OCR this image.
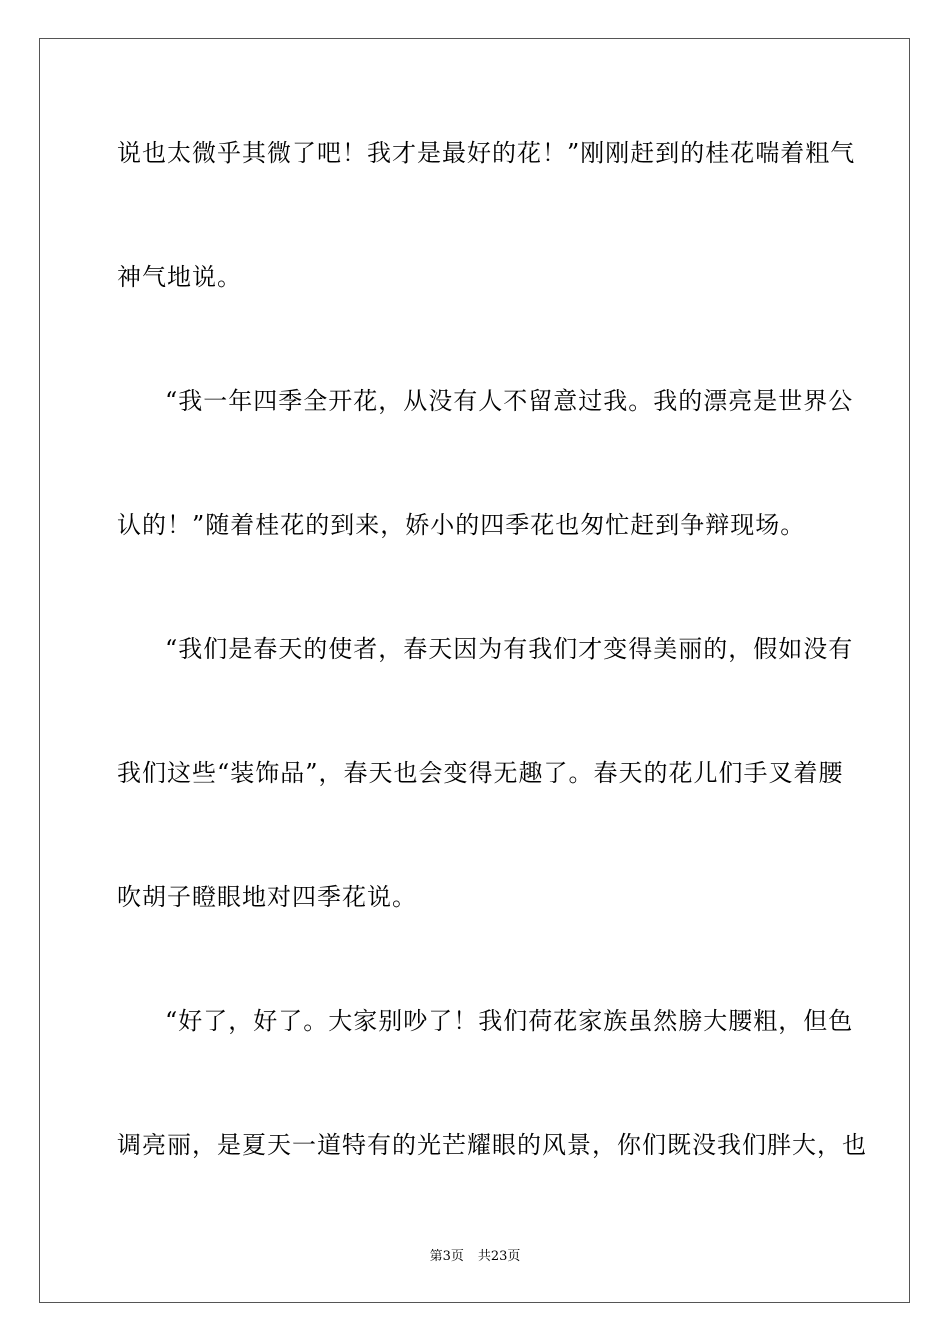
说也太微乎其微了吧！我才是最好的花！”刚刚赶到的桂花喘着粗气
神气地说。
“我一年四季全开花，从没有人不留意过我。我的漂亮是世界公
认的！”随着桂花的到来，娇小的四季花也匆忙赶到争辩现场。
“我们是春天的使者，春天因为有我们才变得美丽的，假如没有
我们这些“装饰品”，春天也会变得无趣了。春天的花儿们手叉着腰
吹胡子瞪眼地对四季花说。
“好了，好了。大家别吵了！我们荷花家族虽然膀大腰粗，但色
调亮丽，是夏天一道特有的光芒耀眼的风景，你们既没我们胖大，也
第3页 共23页
